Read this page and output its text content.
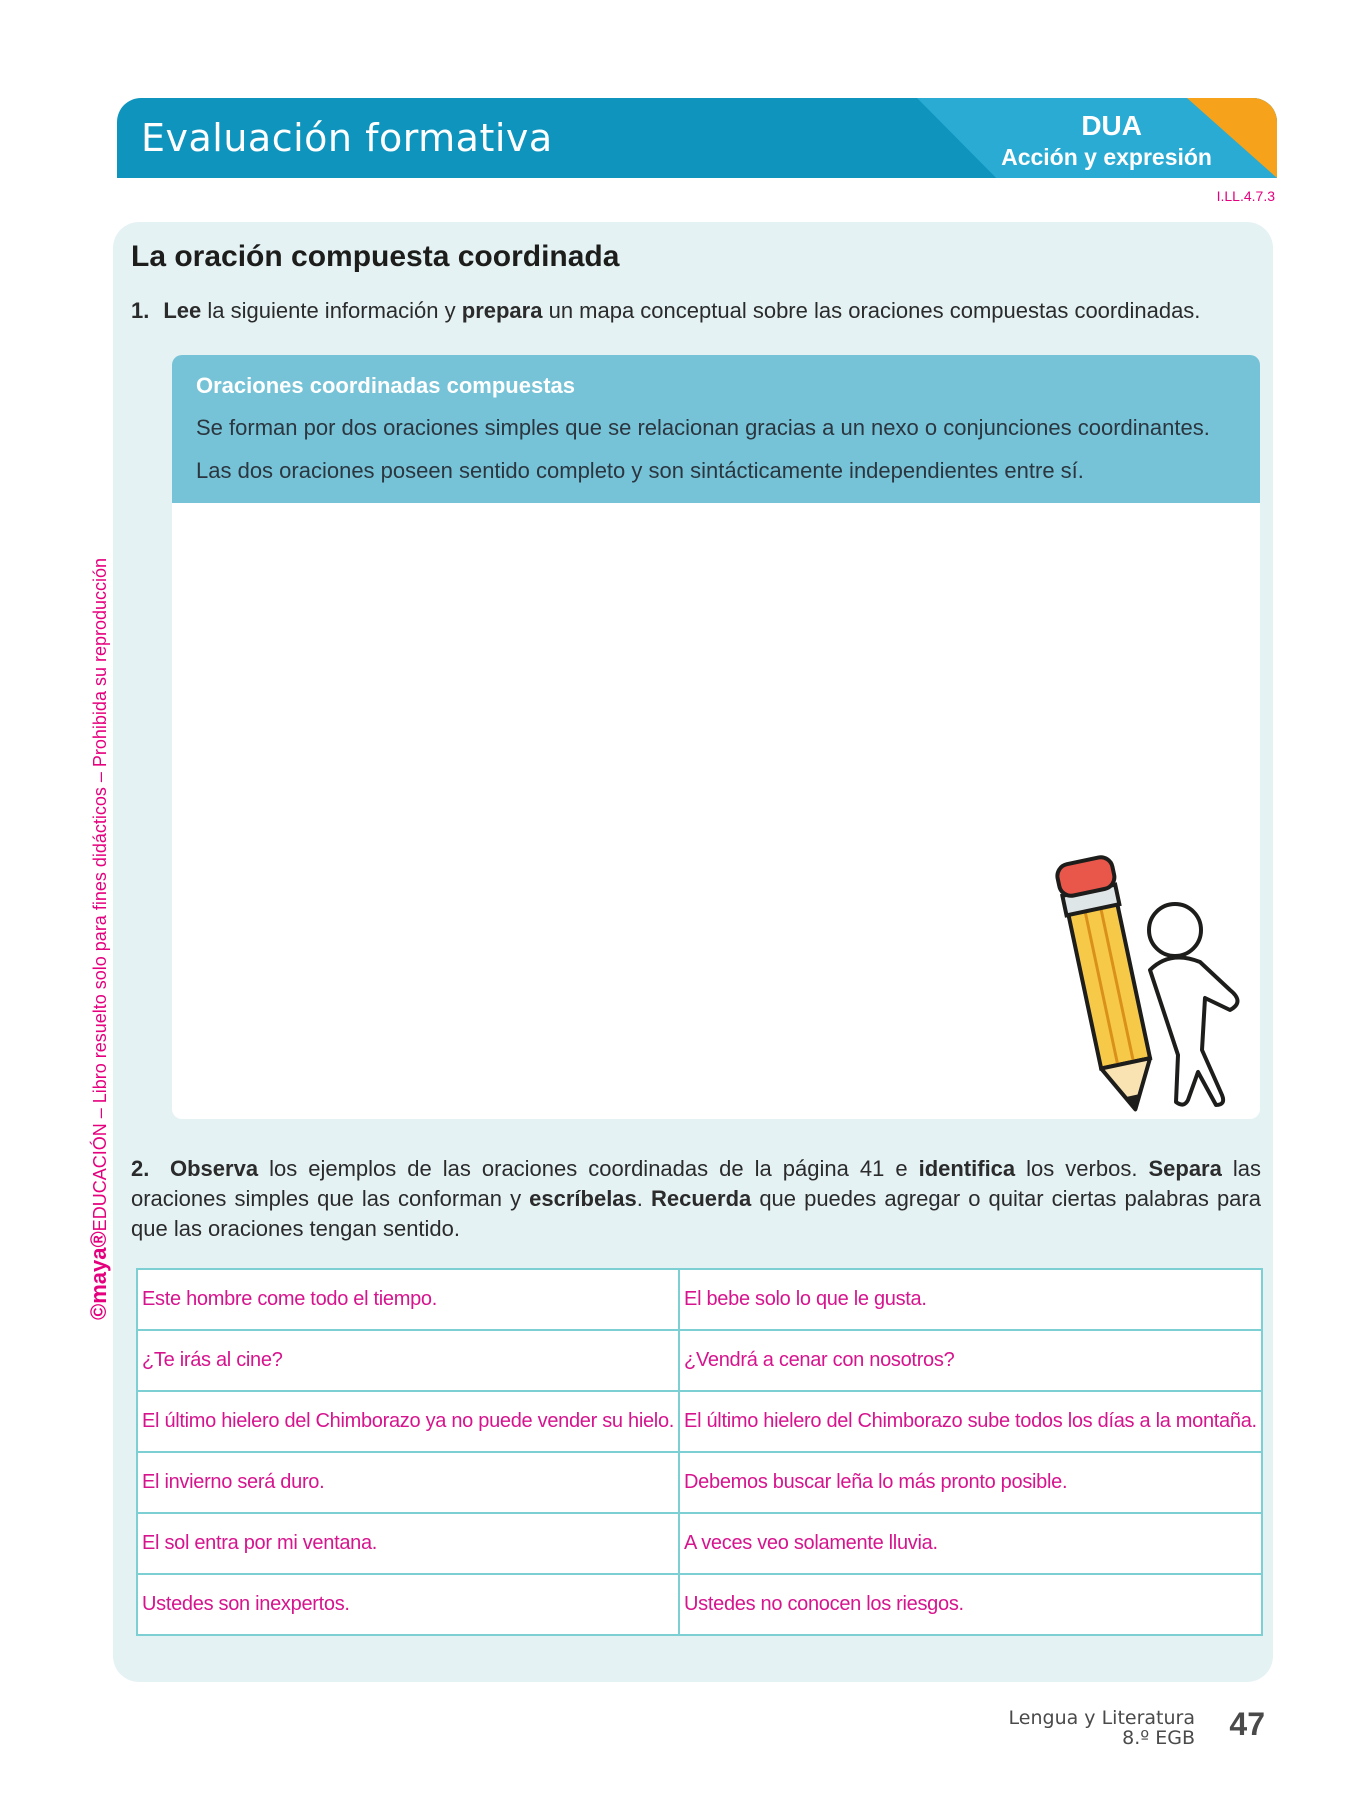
Evaluación formativa	DUA
Acción y expresión
I.LL.4.7.3
©maya®EDUCACIÓN – Libro resuelto solo para fines didácticos – Prohibida su reproducción
La oración compuesta coordinada
1. Lee la siguiente información y prepara un mapa conceptual sobre las oraciones compuestas coordinadas.
Oraciones coordinadas compuestas
Se forman por dos oraciones simples que se relacionan gracias a un nexo o conjunciones coordinantes.
Las dos oraciones poseen sentido completo y son sintácticamente independientes entre sí.
2. Observa los ejemplos de las oraciones coordinadas de la página 41 e identifica los verbos. Separa las oraciones simples que las conforman y escríbelas. Recuerda que puedes agregar o quitar ciertas palabras para que las oraciones tengan sentido.
Este hombre come todo el tiempo.	El bebe solo lo que le gusta.
¿Te irás al cine?	¿Vendrá a cenar con nosotros?
El último hielero del Chimborazo ya no puede vender su hielo.	El último hielero del Chimborazo sube todos los días a la montaña.
El invierno será duro.	Debemos buscar leña lo más pronto posible.
El sol entra por mi ventana.	A veces veo solamente lluvia.
Ustedes son inexpertos.	Ustedes no conocen los riesgos.
Lengua y Literatura
8.º EGB 47
